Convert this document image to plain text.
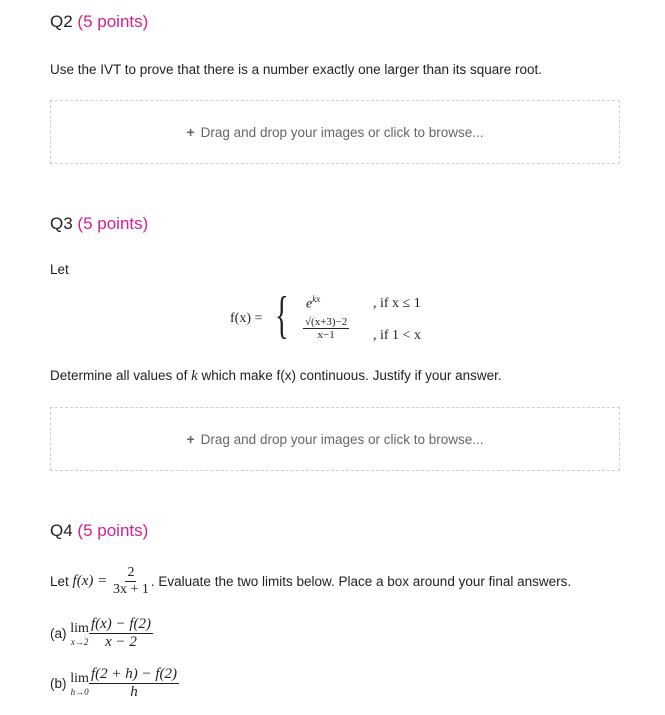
Q2 (5 points)

Use the IVT to prove that there is a number exactly one larger than its square root.

+ Drag and drop your images or click to browse...
Q3 (5 points)

Let

f(x) = { $e^{kx}$	, if x ≤ 1
$\frac{√(x+3)-2}{x-1}$ , if 1 < x

Determine all values of k which make f(x) continuous. Justify if your answer.

+ Drag and drop your images or click to browse...
Q4 (5 points)
Let
f(x) =
$\frac{2}{3x + 1}$ . Evaluate the two limits below. Place a box around your final answers.
(a)
lim
$x\to 2 \frac{f(x) - f(2)}{x - 2}$
(b)
lim
$h\to 0 \frac{f(2 + h) - f(2)}{h}$
